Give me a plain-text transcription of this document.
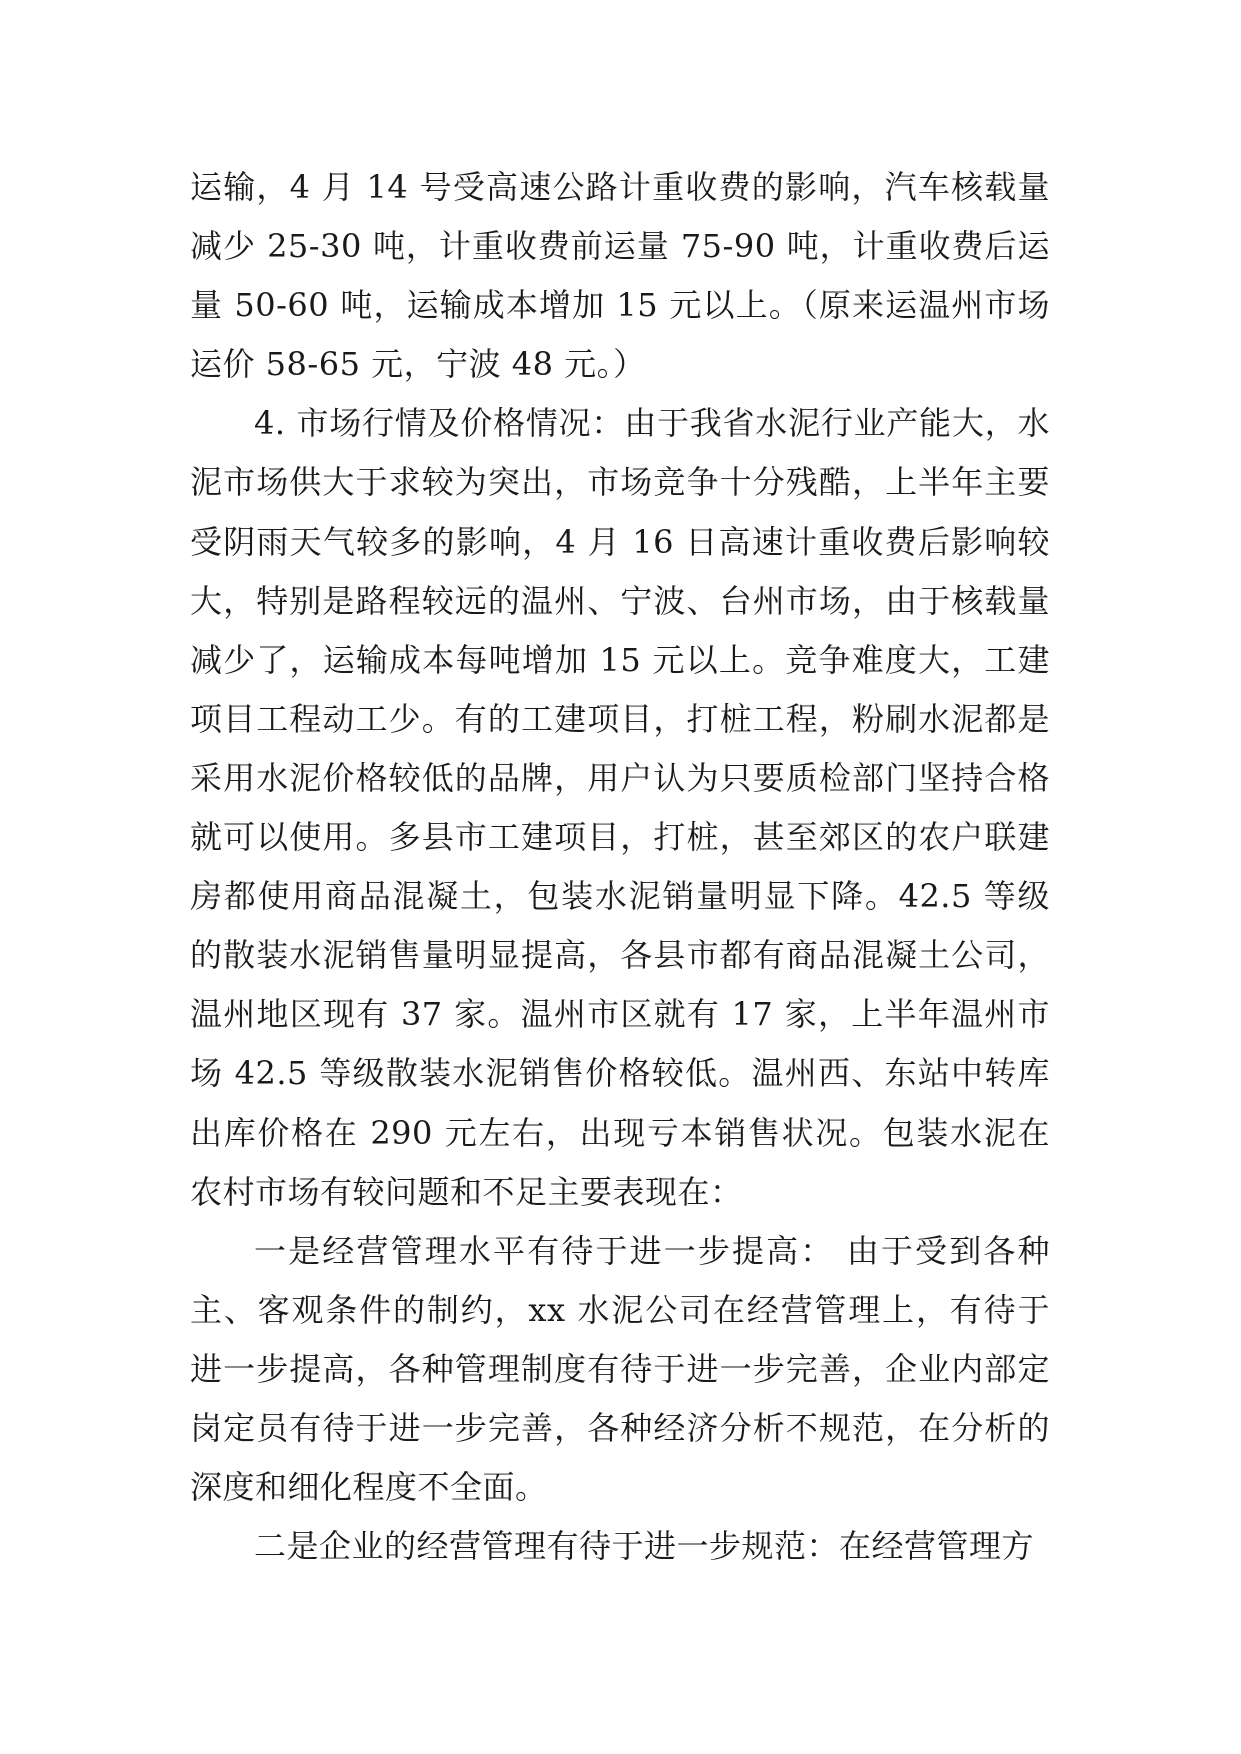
运输，4 月 14 号受高速公路计重收费的影响，汽车核载量减少 25-30 吨，计重收费前运量 75-90 吨，计重收费后运量 50-60 吨，运输成本增加 15 元以上。（原来运温州市场运价 58-65 元，宁波 48 元。）

4. 市场行情及价格情况：由于我省水泥行业产能大，水泥市场供大于求较为突出，市场竞争十分残酷，上半年主要受阴雨天气较多的影响，4 月 16 日高速计重收费后影响较大，特别是路程较远的温州、宁波、台州市场，由于核载量减少了，运输成本每吨增加 15 元以上。竞争难度大，工建项目工程动工少。有的工建项目，打桩工程，粉刷水泥都是采用水泥价格较低的品牌，用户认为只要质检部门坚持合格就可以使用。多县市工建项目，打桩，甚至郊区的农户联建房都使用商品混凝土，包装水泥销量明显下降。42.5 等级的散装水泥销售量明显提高，各县市都有商品混凝土公司，温州地区现有 37 家。温州市区就有 17 家，上半年温州市场 42.5 等级散装水泥销售价格较低。温州西、东站中转库出库价格在 290 元左右，出现亏本销售状况。包装水泥在农村市场有较问题和不足主要表现在：

一是经营管理水平有待于进一步提高： 由于受到各种主、客观条件的制约，xx 水泥公司在经营管理上，有待于进一步提高，各种管理制度有待于进一步完善，企业内部定岗定员有待于进一步完善，各种经济分析不规范，在分析的深度和细化程度不全面。

二是企业的经营管理有待于进一步规范：在经营管理方
